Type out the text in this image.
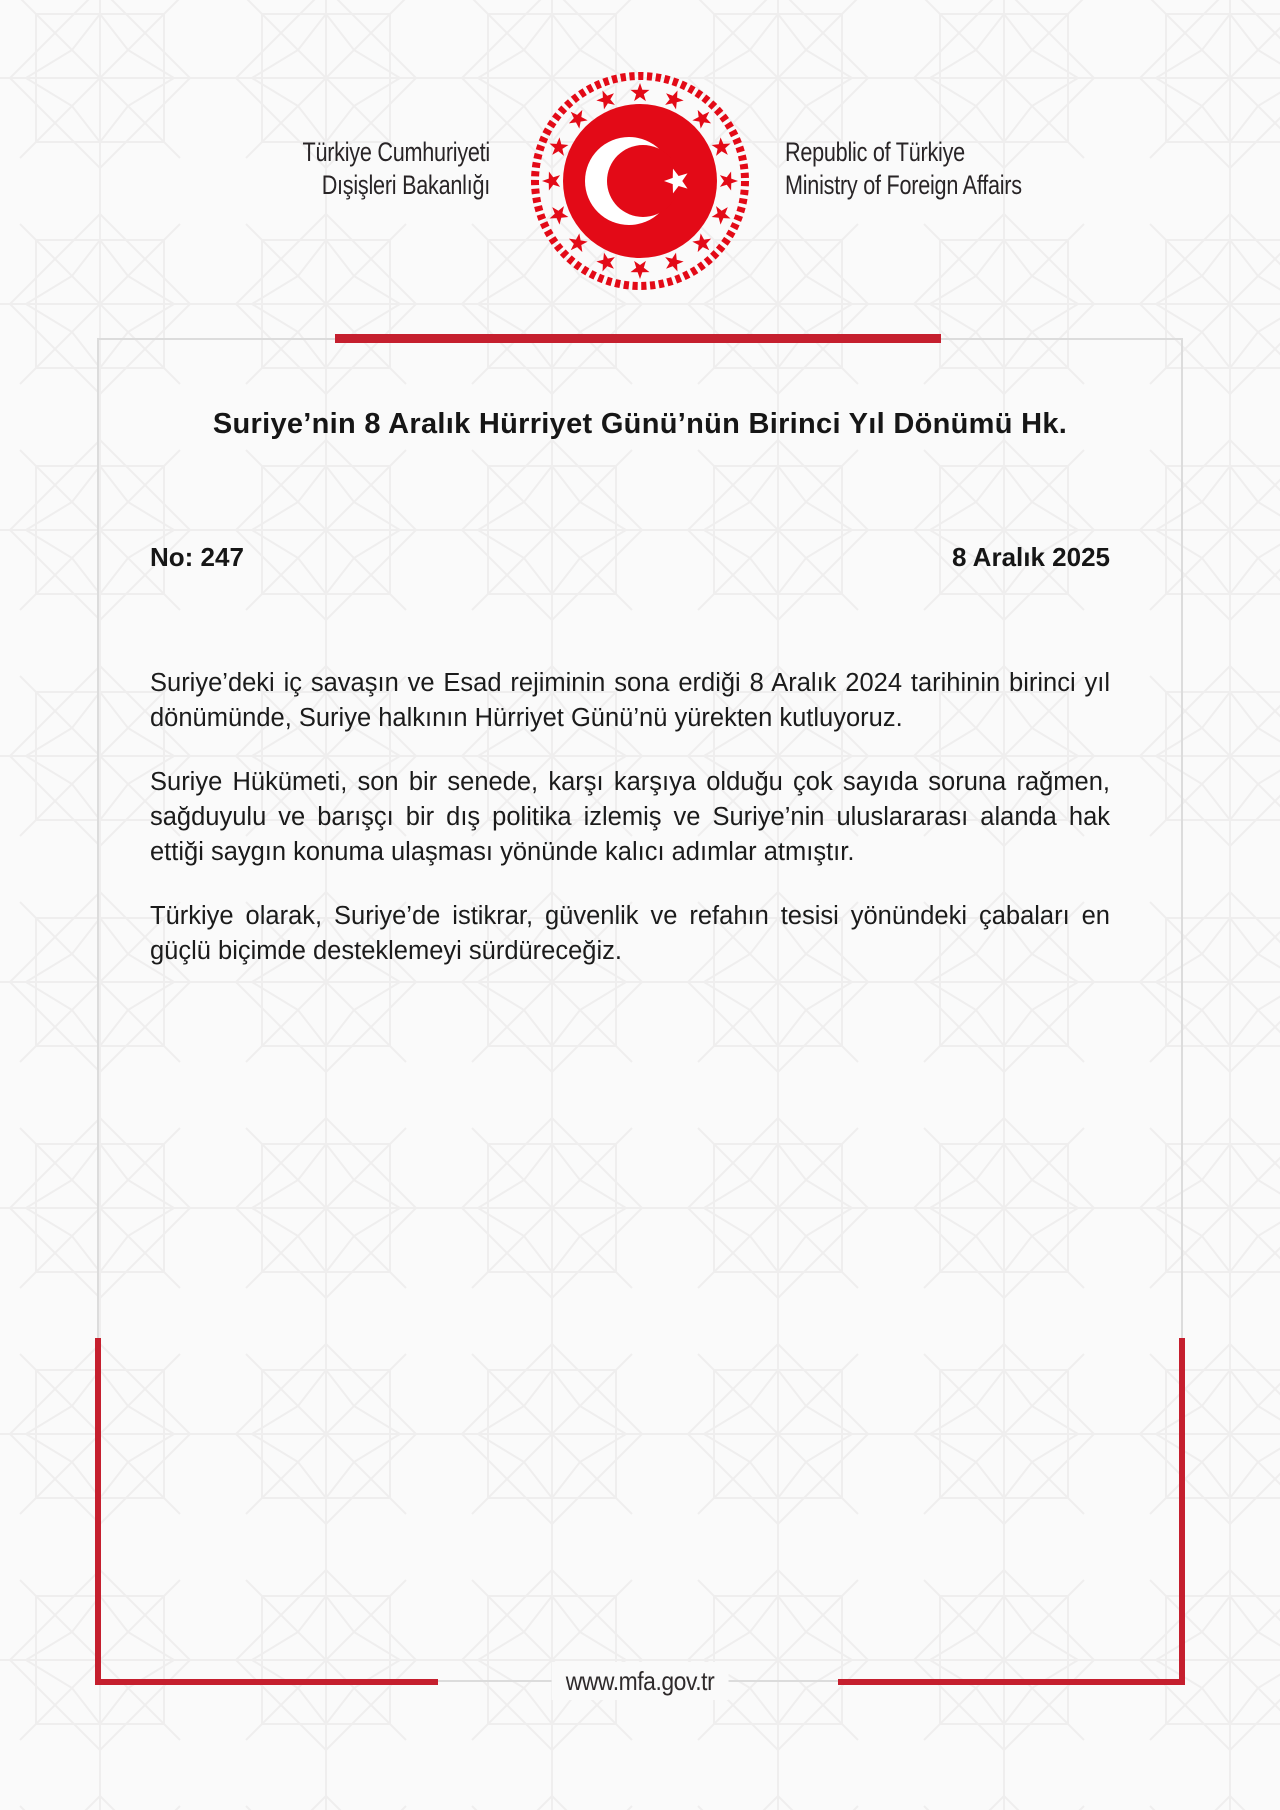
Türkiye Cumhuriyeti
Dışişleri Bakanlığı
Republic of Türkiye
Ministry of Foreign Affairs
Suriye’nin 8 Aralık Hürriyet Günü’nün Birinci Yıl Dönümü Hk.
No: 247	8 Aralık 2025

Suriye’deki iç savaşın ve Esad rejiminin sona erdiği 8 Aralık 2024 tarihinin birinci yıl dönümünde, Suriye halkının Hürriyet Günü’nü yürekten kutluyoruz.

Suriye Hükümeti, son bir senede, karşı karşıya olduğu çok sayıda soruna rağmen, sağduyulu ve barışçı bir dış politika izlemiş ve Suriye’nin uluslararası alanda hak ettiği saygın konuma ulaşması yönünde kalıcı adımlar atmıştır.

Türkiye olarak, Suriye’de istikrar, güvenlik ve refahın tesisi yönündeki çabaları en güçlü biçimde desteklemeyi sürdüreceğiz.

www.mfa.gov.tr
